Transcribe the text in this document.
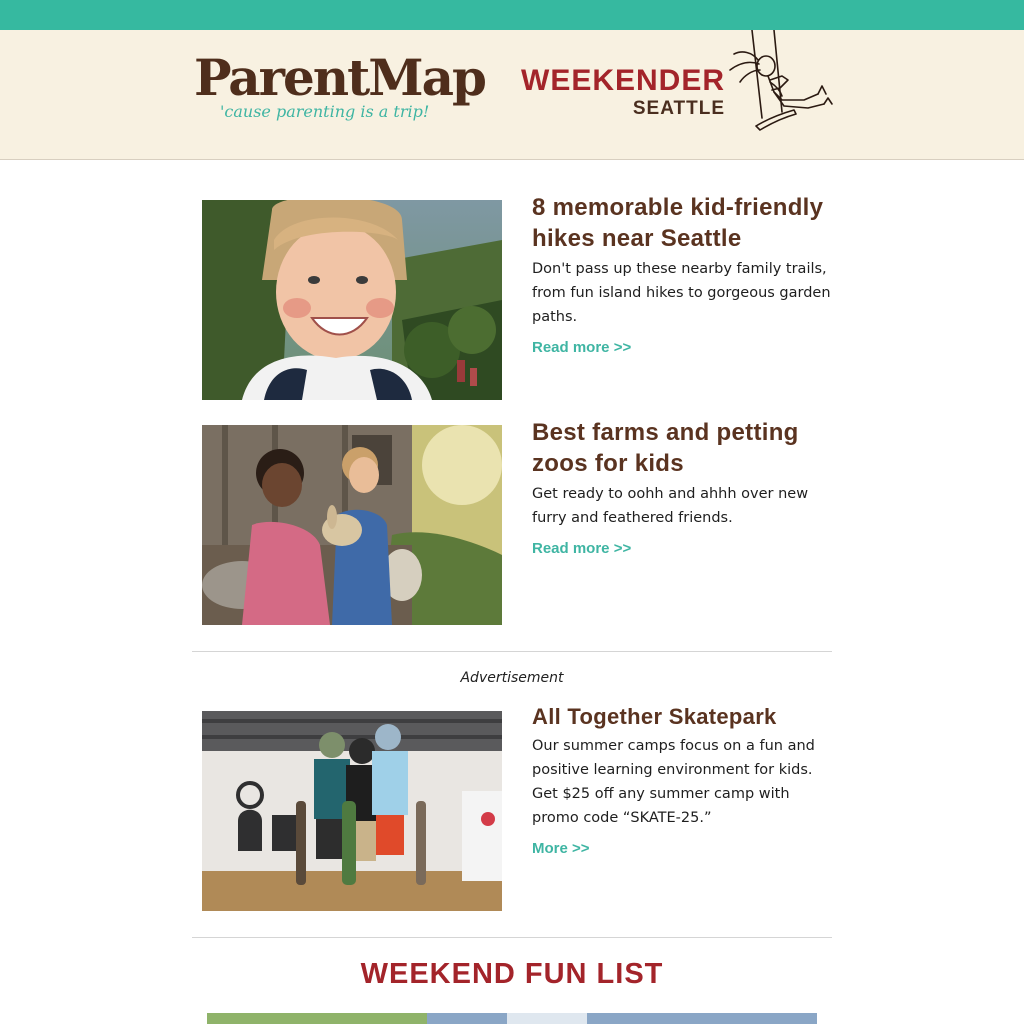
ParentMap
'cause parenting is a trip!
WEEKENDER
SEATTLE
8 memorable kid-friendly hikes near Seattle

Don't pass up these nearby family trails, from fun island hikes to gorgeous garden paths.

Read more >>
Best farms and petting zoos for kids

Get ready to oohh and ahhh over new furry and feathered friends.

Read more >>
Advertisement
All Together Skatepark

Our summer camps focus on a fun and positive learning environment for kids. Get $25 off any summer camp with promo code “SKATE-25.”

More >>
WEEKEND FUN LIST
